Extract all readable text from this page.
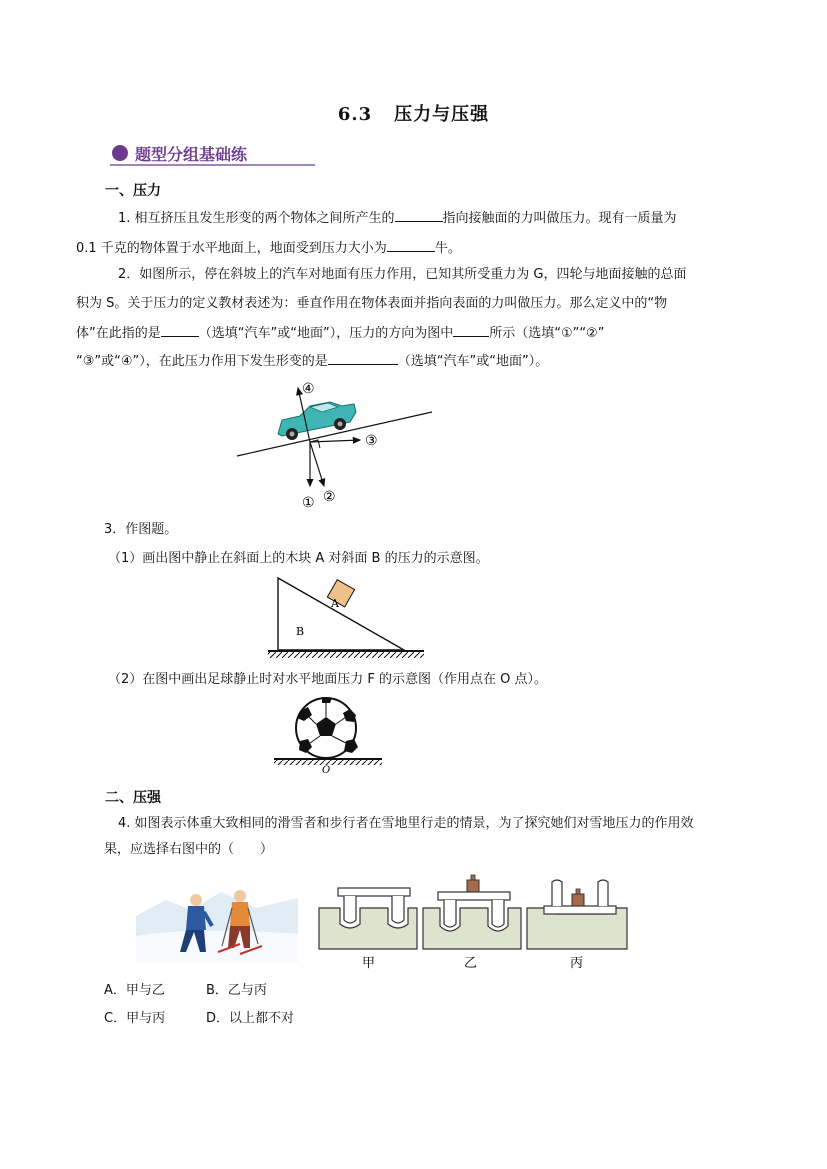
6.3 压力与压强
题型分组基础练
一、压力
1. 相互挤压且发生形变的两个物体之间所产生的	指向接触面的力叫做压力。现有一质量为
0.1 千克的物体置于水平地面上，地面受到压力大小为	牛。
2．如图所示，停在斜坡上的汽车对地面有压力作用，已知其所受重力为 G，四轮与地面接触的总面
积为 S。关于压力的定义教材表述为：垂直作用在物体表面并指向表面的力叫做压力。那么定义中的“物
体”在此指的是	（选填“汽车”或“地面”），压力的方向为图中	所示（选填“①”“②”
“③”或“④”），在此压力作用下发生形变的是	（选填“汽车”或“地面”）。
④
③
① ②
3．作图题。
（1）画出图中静止在斜面上的木块 A 对斜面 B 的压力的示意图。
A
B
（2）在图中画出足球静止时对水平地面压力 F 的示意图（作用点在 O 点）。
O
二、压强
4. 如图表示体重大致相同的滑雪者和步行者在雪地里行走的情景，为了探究她们对雪地压力的作用效
果，应选择右图中的（　　）
甲	乙	丙
A．甲与乙	B．乙与丙
C．甲与丙	D．以上都不对
